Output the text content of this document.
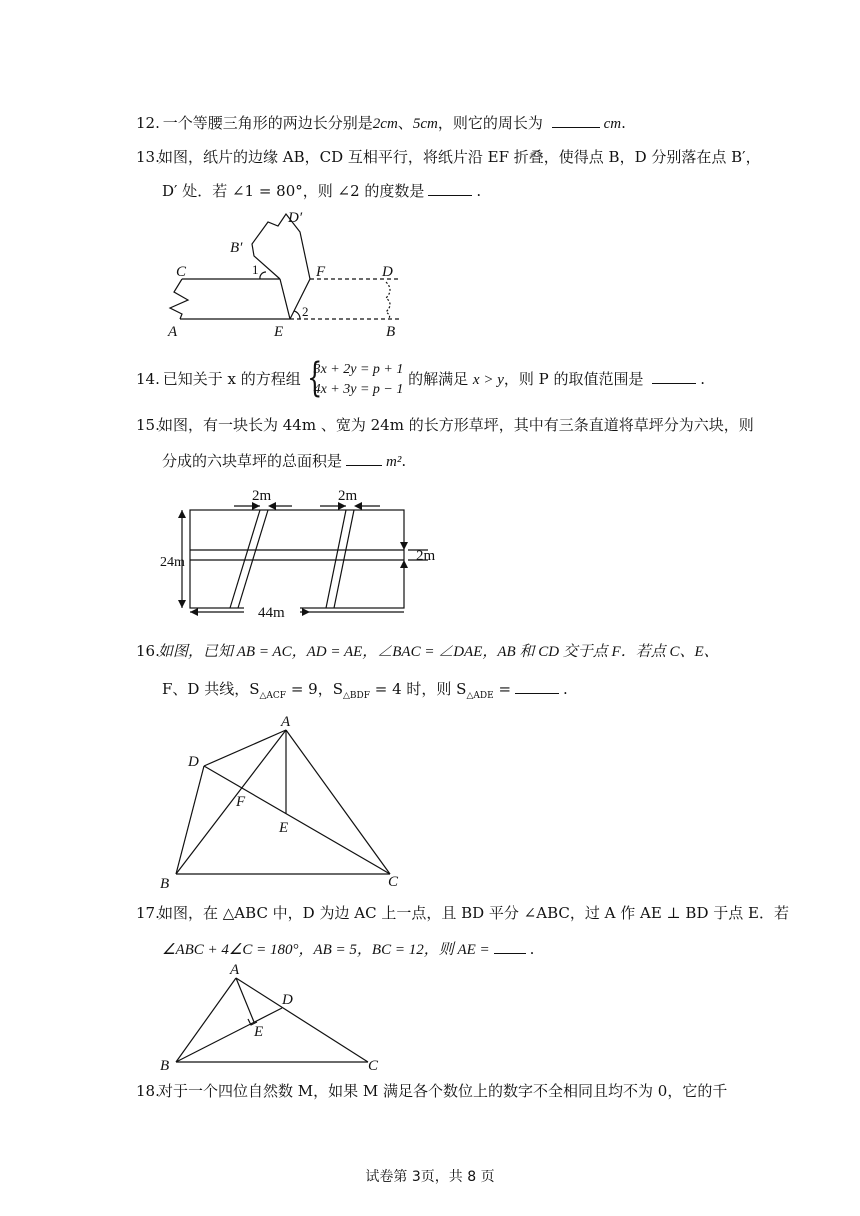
12. 一个等腰三角形的两边长分别是2cm、5cm，则它的周长为	cm.
13.如图，纸片的边缘 AB，CD 互相平行，将纸片沿 EF 折叠，使得点 B，D 分别落在点 B′，
D′ 处．若 ∠1 = 80°，则 ∠2 的度数是	.
C	D
D′
B′
1	F
2
A	E	B
14. 已知关于 x 的方程组
{ 3x + 2y = p + 1
4x + 3y = p − 1
的解满足 x > y，则 P 的取值范围是	.
15.如图，有一块长为 44m 、宽为 24m 的长方形草坪，其中有三条直道将草坪分为六块，则
分成的六块草坪的总面积是	m².
2m	2m
24m	2m
44m
16.如图，已知 AB = AC，AD = AE，∠BAC = ∠DAE，AB 和 CD 交于点 F．若点 C、E、
F、D 共线，$S_{\triangle ACF} = 9$，$S_{\triangle BDF} = 4$ 时，则 $S_{\triangle ADE}$ =	.
A
D
F
E
B	C
17.如图，在 △ABC 中，D 为边 AC 上一点，且 BD 平分 ∠ABC，过 A 作 AE ⊥ BD 于点 E．若
∠ABC + 4∠C = 180°，AB = 5，BC = 12，则 AE =	.
A
D
E
B	C
18.对于一个四位自然数 M，如果 M 满足各个数位上的数字不全相同且均不为 0，它的千
试卷第 3页，共 8 页
